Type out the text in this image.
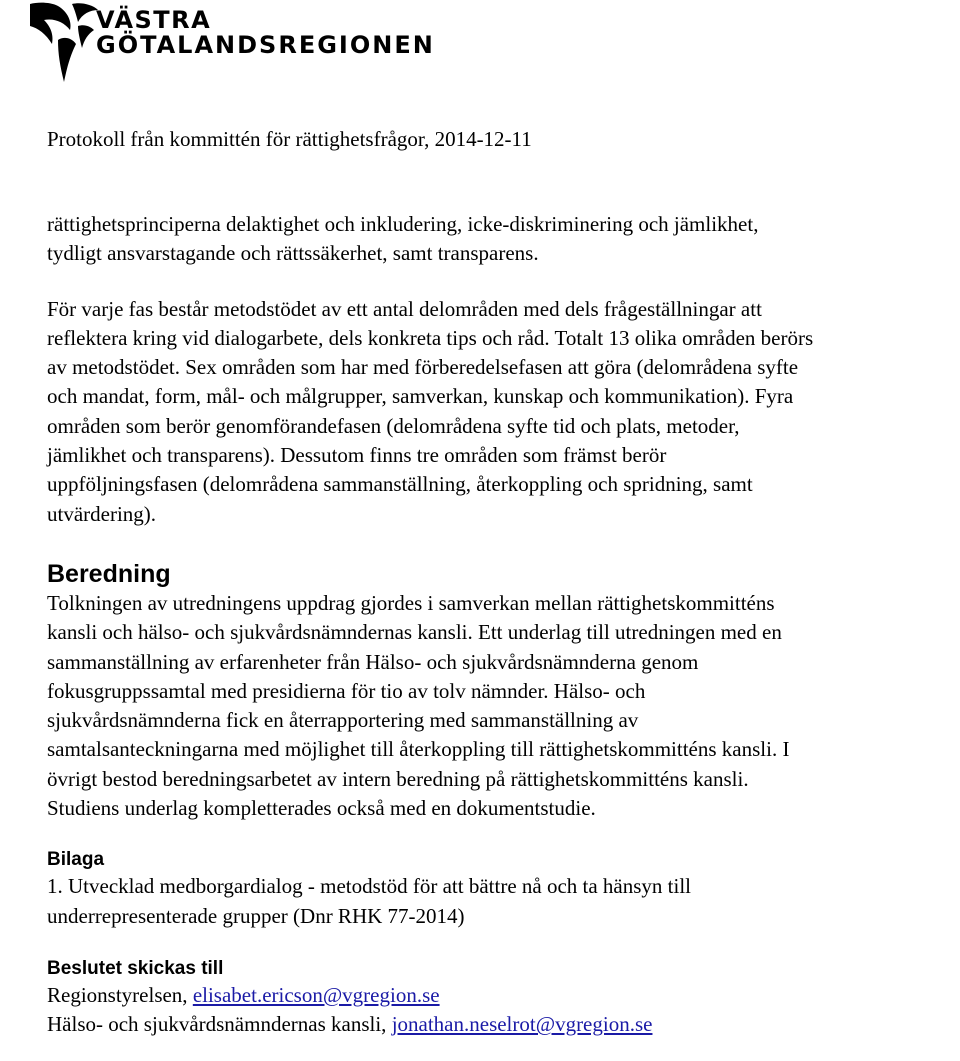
VÄSTRA
GÖTALANDSREGIONEN

Protokoll från kommittén för rättighetsfrågor, 2014-12-11

rättighetsprinciperna delaktighet och inkludering, icke-diskriminering och jämlikhet,
tydligt ansvarstagande och rättssäkerhet, samt transparens.

För varje fas består metodstödet av ett antal delområden med dels frågeställningar att
reflektera kring vid dialogarbete, dels konkreta tips och råd. Totalt 13 olika områden berörs
av metodstödet. Sex områden som har med förberedelsefasen att göra (delområdena syfte
och mandat, form, mål- och målgrupper, samverkan, kunskap och kommunikation). Fyra
områden som berör genomförandefasen (delområdena syfte tid och plats, metoder,
jämlikhet och transparens). Dessutom finns tre områden som främst berör
uppföljningsfasen (delområdena sammanställning, återkoppling och spridning, samt
utvärdering).

Beredning

Tolkningen av utredningens uppdrag gjordes i samverkan mellan rättighetskommitténs
kansli och hälso- och sjukvårdsnämndernas kansli. Ett underlag till utredningen med en
sammanställning av erfarenheter från Hälso- och sjukvårdsnämnderna genom
fokusgruppssamtal med presidierna för tio av tolv nämnder. Hälso- och
sjukvårdsnämnderna fick en återrapportering med sammanställning av
samtalsanteckningarna med möjlighet till återkoppling till rättighetskommitténs kansli. I
övrigt bestod beredningsarbetet av intern beredning på rättighetskommitténs kansli.
Studiens underlag kompletterades också med en dokumentstudie.

Bilaga

1. Utvecklad medborgardialog - metodstöd för att bättre nå och ta hänsyn till
underrepresenterade grupper (Dnr RHK 77-2014)

Beslutet skickas till

Regionstyrelsen, elisabet.ericson@vgregion.se
Hälso- och sjukvårdsnämndernas kansli, jonathan.neselrot@vgregion.se
